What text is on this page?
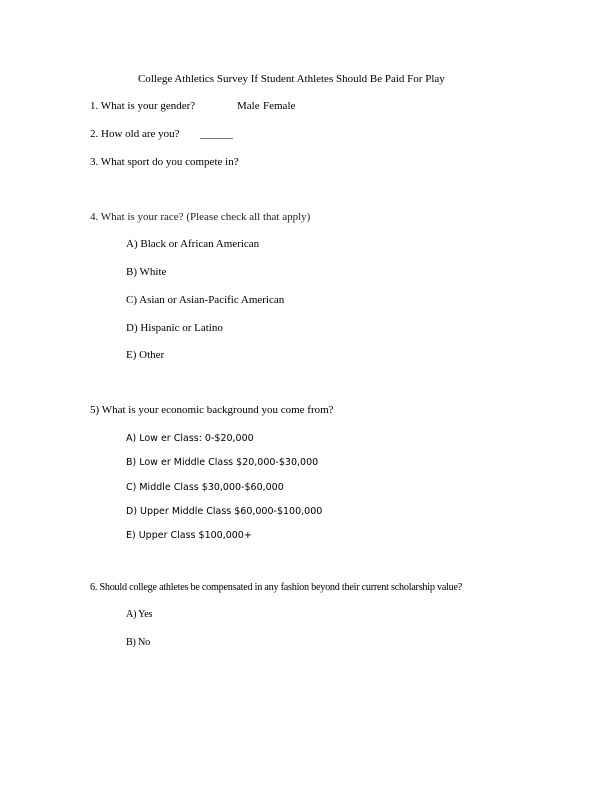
College Athletics Survey If Student Athletes Should Be Paid For Play
1. What is your gender?	Male Female
2. How old are you? ______
3. What sport do you compete in?
4. What is your race? (Please check all that apply)
A) Black or African American
B) White
C) Asian or Asian-Pacific American
D) Hispanic or Latino
E) Other
5) What is your economic background you come from?
A) Low er Class: 0-$20,000
B) Low er Middle Class $20,000-$30,000
C) Middle Class $30,000-$60,000
D) Upper Middle Class $60,000-$100,000
E) Upper Class $100,000+
6. Should college athletes be compensated in any fashion beyond their current scholarship value?
A) Yes
B) No
